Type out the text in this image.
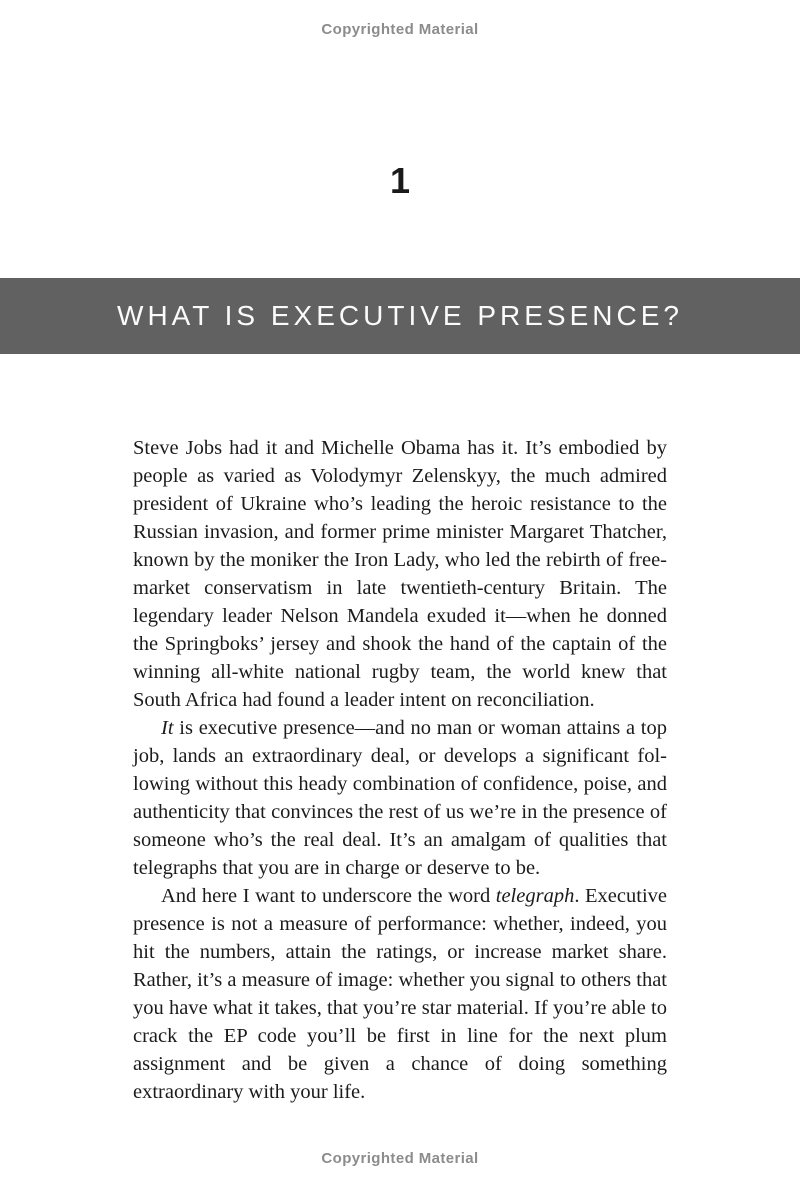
Copyrighted Material
1
WHAT IS EXECUTIVE PRESENCE?

Steve Jobs had it and Michelle Obama has it. It’s embodied by people as varied as Volodymyr Zelenskyy, the much admired president of Ukraine who’s leading the heroic resistance to the Russian invasion, and former prime minister Margaret Thatcher, known by the moniker the Iron Lady, who led the rebirth of free-market conservatism in late twentieth-century Britain. The legendary leader Nelson Mandela exuded it—when he donned the Springboks’ jersey and shook the hand of the captain of the winning all-white national rugby team, the world knew that South Africa had found a leader intent on reconciliation.

It is executive presence—and no man or woman attains a top job, lands an extraordinary deal, or develops a significant following without this heady combination of confidence, poise, and authenticity that convinces the rest of us we’re in the presence of someone who’s the real deal. It’s an amalgam of qualities that telegraphs that you are in charge or deserve to be.

And here I want to underscore the word telegraph. Executive presence is not a measure of performance: whether, indeed, you hit the numbers, attain the ratings, or increase market share. Rather, it’s a measure of image: whether you signal to others that you have what it takes, that you’re star material. If you’re able to crack the EP code you’ll be first in line for the next plum assignment and be given a chance of doing something extraordinary with your life.

Copyrighted Material
